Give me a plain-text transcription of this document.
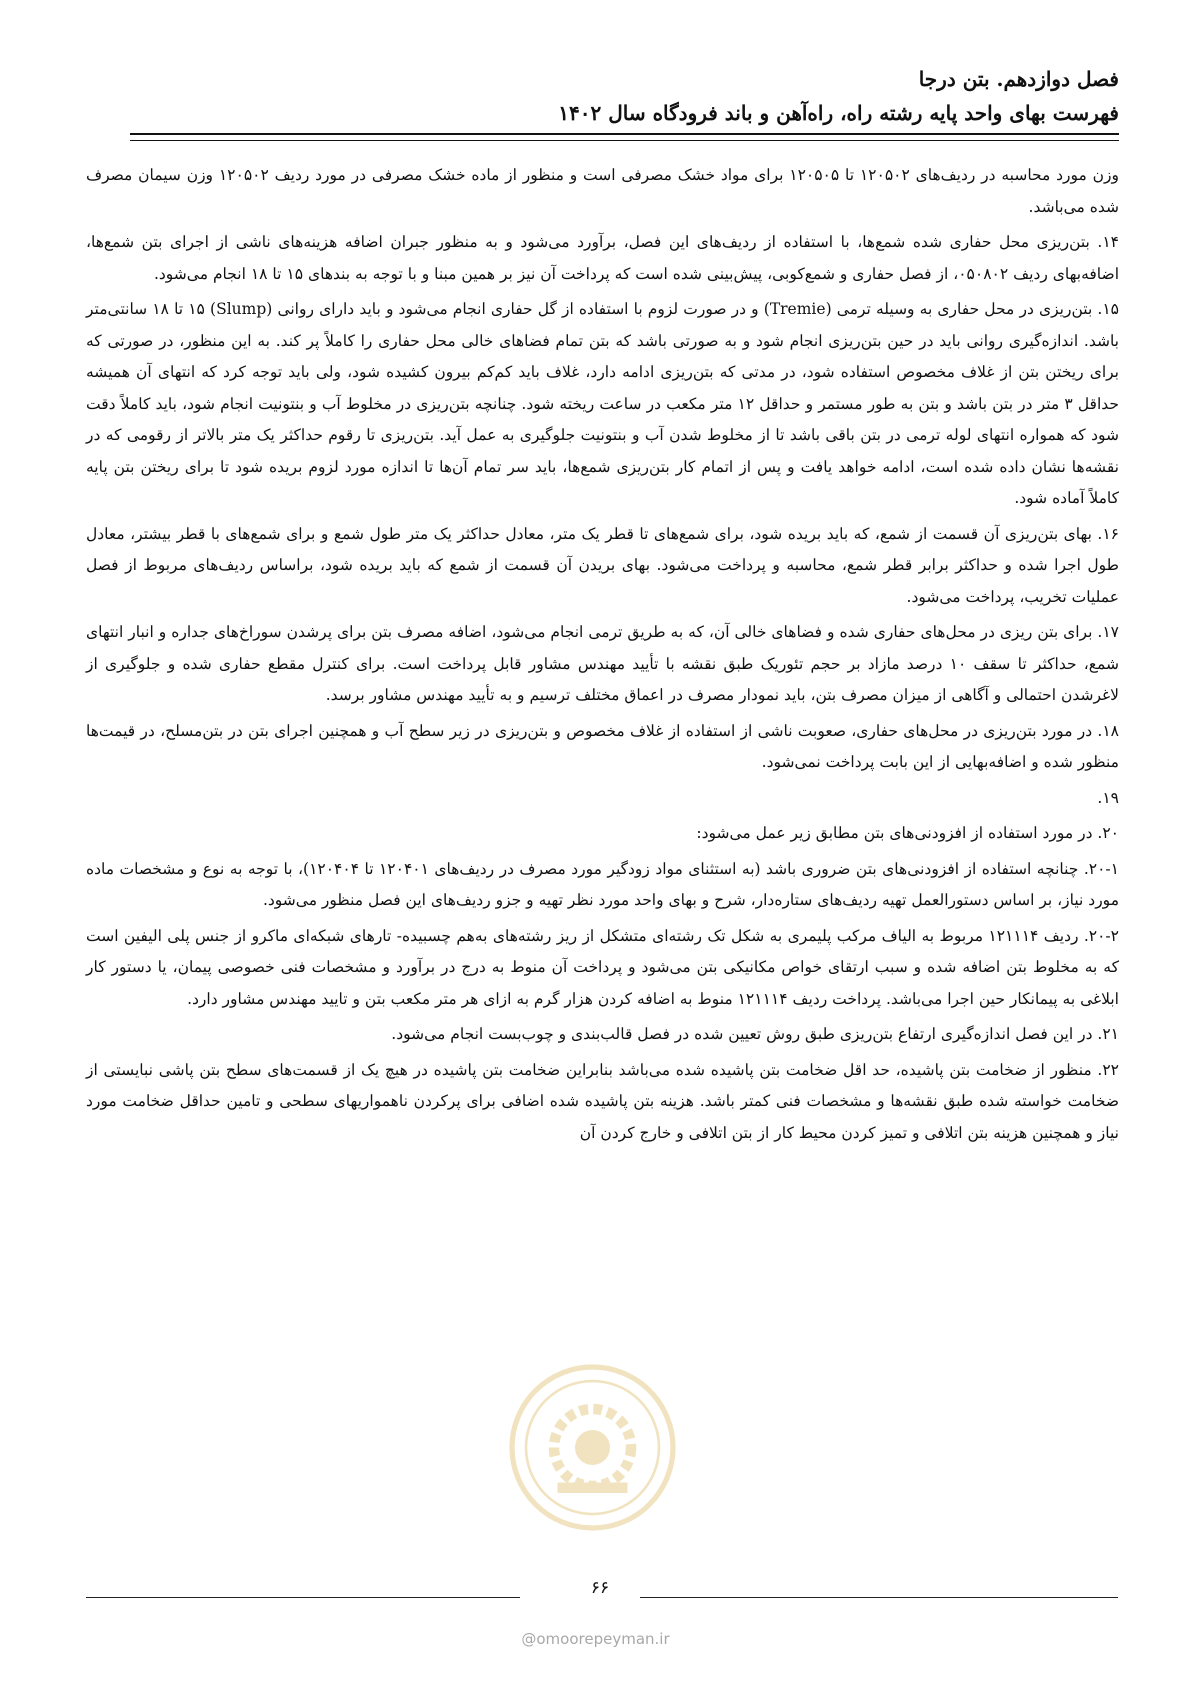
فصل دوازدهم. بتن درجا
فهرست بهای واحد پایه رشته راه، راه‌آهن و باند فرودگاه سال ۱۴۰۲

وزن مورد محاسبه در ردیف‌های ۱۲۰۵۰۲ تا ۱۲۰۵۰۵ برای مواد خشک مصرفی است و منظور از ماده خشک مصرفی در مورد ردیف ۱۲۰۵۰۲ وزن سیمان مصرف شده می‌باشد.

۱۴. بتن‌ریزی محل حفاری شده شمع‌ها، با استفاده از ردیف‌های این فصل، برآورد می‌شود و به منظور جبران اضافه هزینه‌های ناشی از اجرای بتن شمع‌ها، اضافه‌بهای ردیف ۰۵۰۸۰۲، از فصل حفاری و شمع‌کوبی، پیش‌بینی شده است که پرداخت آن نیز بر همین مبنا و با توجه به بندهای ۱۵ تا ۱۸ انجام می‌شود.

۱۵. بتن‌ریزی در محل حفاری به وسیله ترمی (Tremie) و در صورت لزوم با استفاده از گل حفاری انجام می‌شود و باید دارای روانی (Slump) ۱۵ تا ۱۸ سانتی‌متر باشد. اندازه‌گیری روانی باید در حین بتن‌ریزی انجام شود و به صورتی باشد که بتن تمام فضاهای خالی محل حفاری را کاملاً پر کند. به این منظور، در صورتی که برای ریختن بتن از غلاف مخصوص استفاده شود، در مدتی که بتن‌ریزی ادامه دارد، غلاف باید کم‌کم بیرون کشیده شود، ولی باید توجه کرد که انتهای آن همیشه حداقل ۳ متر در بتن باشد و بتن به طور مستمر و حداقل ۱۲ متر مکعب در ساعت ریخته شود. چنانچه بتن‌ریزی در مخلوط آب و بنتونیت انجام شود، باید کاملاً دقت شود که همواره انتهای لوله ترمی در بتن باقی باشد تا از مخلوط شدن آب و بنتونیت جلوگیری به عمل آید. بتن‌ریزی تا رقوم حداکثر یک متر بالاتر از رقومی که در نقشه‌ها نشان داده شده است، ادامه خواهد یافت و پس از اتمام کار بتن‌ریزی شمع‌ها، باید سر تمام آن‌ها تا اندازه مورد لزوم بریده شود تا برای ریختن بتن پایه کاملاً آماده شود.

۱۶. بهای بتن‌ریزی آن قسمت از شمع، که باید بریده شود، برای شمع‌های تا قطر یک متر، معادل حداکثر یک متر طول شمع و برای شمع‌های با قطر بیشتر، معادل طول اجرا شده و حداکثر برابر قطر شمع، محاسبه و پرداخت می‌شود. بهای بریدن آن قسمت از شمع که باید بریده شود، براساس ردیف‌های مربوط از فصل عملیات تخریب، پرداخت می‌شود.

۱۷. برای بتن ریزی در محل‌های حفاری شده و فضاهای خالی آن، که به طریق ترمی انجام می‌شود، اضافه مصرف بتن برای پرشدن سوراخ‌های جداره و انبار انتهای شمع، حداکثر تا سقف ۱۰ درصد مازاد بر حجم تئوریک طبق نقشه با تأیید مهندس مشاور قابل پرداخت است. برای کنترل مقطع حفاری شده و جلوگیری از لاغرشدن احتمالی و آگاهی از میزان مصرف بتن، باید نمودار مصرف در اعماق مختلف ترسیم و به تأیید مهندس مشاور برسد.

۱۸. در مورد بتن‌ریزی در محل‌های حفاری، صعوبت ناشی از استفاده از غلاف مخصوص و بتن‌ریزی در زیر سطح آب و همچنین اجرای بتن در بتن‌مسلح، در قیمت‌ها منظور شده و اضافه‌بهایی از این بابت پرداخت نمی‌شود.

۱۹.

۲۰. در مورد استفاده از افزودنی‌های بتن مطابق زیر عمل می‌شود:

۲۰-۱. چنانچه استفاده از افزودنی‌های بتن ضروری باشد (به استثنای مواد زودگیر مورد مصرف در ردیف‌های ۱۲۰۴۰۱ تا ۱۲۰۴۰۴)، با توجه به نوع و مشخصات ماده مورد نیاز، بر اساس دستورالعمل تهیه ردیف‌های ستاره‌دار، شرح و بهای واحد مورد نظر تهیه و جزو ردیف‌های این فصل منظور می‌شود.

۲۰-۲. ردیف ۱۲۱۱۱۴ مربوط به الیاف مرکب پلیمری به شکل تک رشته‌ای متشکل از ریز رشته‌های به‌هم چسبیده- تارهای شبکه‌ای ماکرو از جنس پلی الیفین است که به مخلوط بتن اضافه شده و سبب ارتقای خواص مکانیکی بتن می‌شود و پرداخت آن منوط به درج در برآورد و مشخصات فنی خصوصی پیمان، یا دستور کار ابلاغی به پیمانکار حین اجرا می‌باشد. پرداخت ردیف ۱۲۱۱۱۴ منوط به اضافه کردن هزار گرم به ازای هر متر مکعب بتن و تایید مهندس مشاور دارد.

۲۱. در این فصل اندازه‌گیری ارتفاع بتن‌ریزی طبق روش تعیین شده در فصل قالب‌بندی و چوب‌بست انجام می‌شود.

۲۲. منظور از ضخامت بتن پاشیده، حد اقل ضخامت بتن پاشیده شده می‌باشد بنابراین ضخامت بتن پاشیده در هیچ یک از قسمت‌های سطح بتن پاشی نبایستی از ضخامت خواسته شده طبق نقشه‌ها و مشخصات فنی کمتر باشد. هزینه بتن پاشیده شده اضافی برای پرکردن ناهمواریهای سطحی و تامین حداقل ضخامت مورد نیاز و همچنین هزینه بتن اتلافی و تمیز کردن محیط کار از بتن اتلافی و خارج کردن آن

۶۶
@omoorepeyman.ir
